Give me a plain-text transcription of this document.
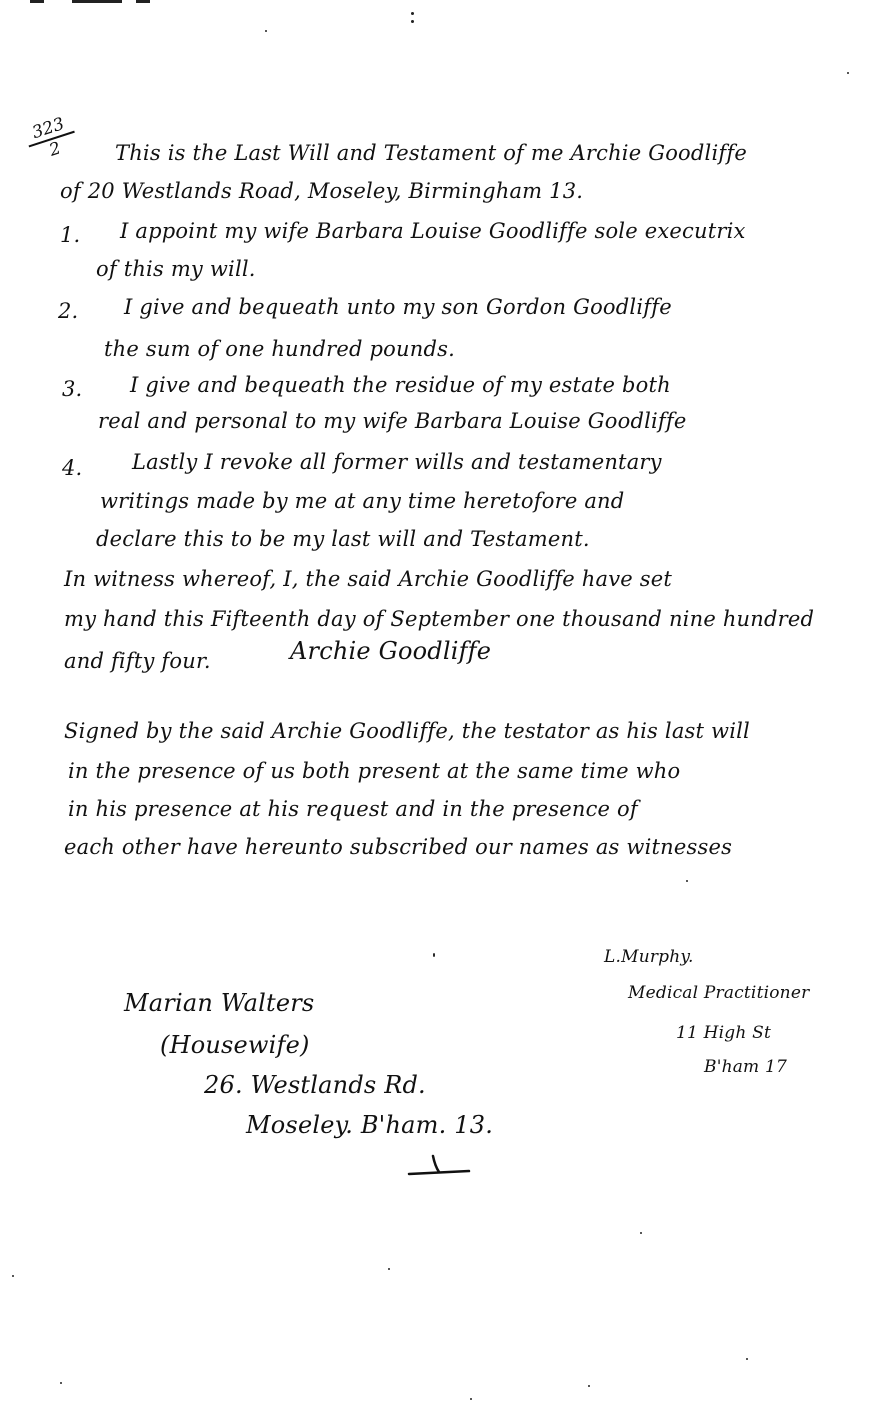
323
2	This is the Last Will and Testament of me Archie Goodliffe
of 20 Westlands Road, Moseley, Birmingham 13.
1. I appoint my wife Barbara Louise Goodliffe sole executrix
of this my will.
2. I give and bequeath unto my son Gordon Goodliffe
the sum of one hundred pounds.
3. I give and bequeath the residue of my estate both
real and personal to my wife Barbara Louise Goodliffe
4. Lastly I revoke all former wills and testamentary
writings made by me at any time heretofore and
declare this to be my last will and Testament.
In witness whereof, I, the said Archie Goodliffe have set
my hand this Fifteenth day of September one thousand nine hundred
and fifty four.	Archie Goodliffe
Signed by the said Archie Goodliffe, the testator as his last will
in the presence of us both present at the same time who
in his presence at his request and in the presence of
each other have hereunto subscribed our names as witnesses
L.Murphy.
Medical Practitioner
11 High St
B'ham 17
Marian Walters
(Housewife)
26. Westlands Rd.
Moseley. B'ham. 13.
